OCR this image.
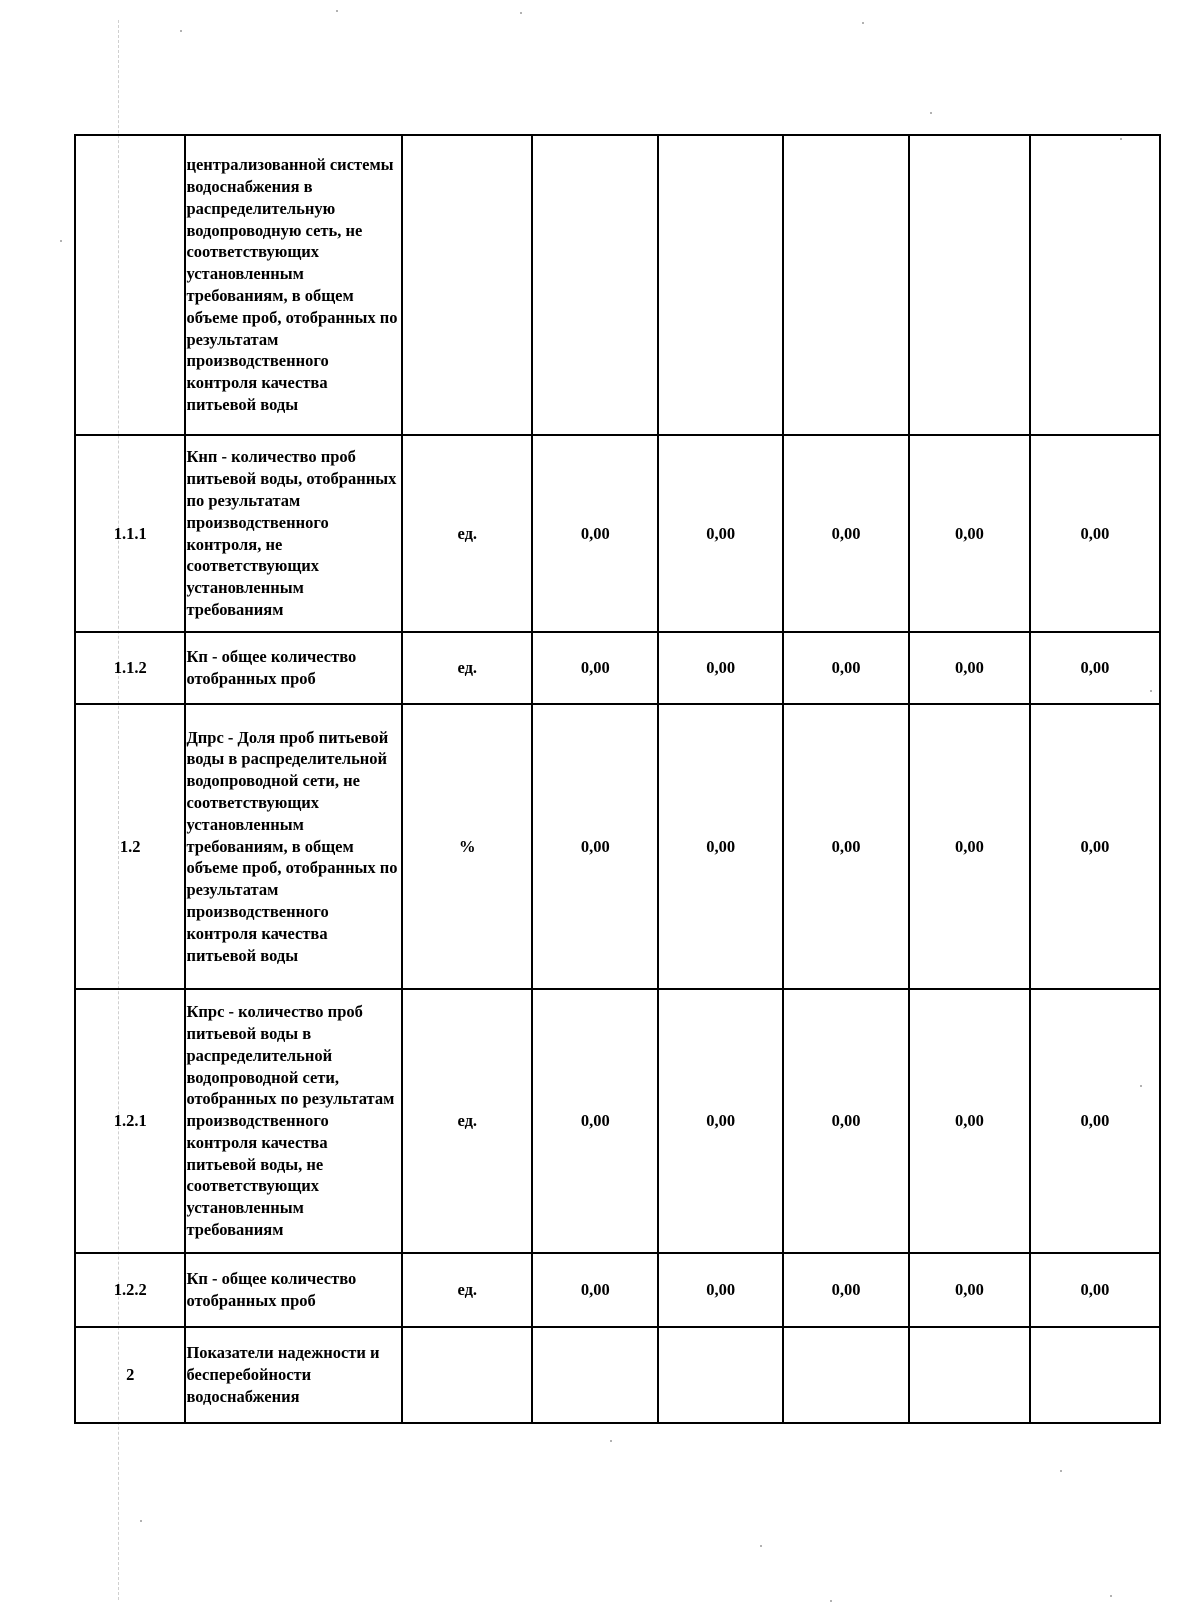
	централизованной системы водоснабжения в распределительную водопроводную сеть, не соответствующих установленным требованиям, в общем объеме проб, отобранных по результатам производственного контроля качества питьевой воды						
1.1.1	Кнп - количество проб питьевой воды, отобранных по результатам производственного контроля, не соответствующих установленным требованиям	ед.	0,00	0,00	0,00	0,00	0,00
1.1.2	Кп - общее количество отобранных проб	ед.	0,00	0,00	0,00	0,00	0,00
1.2	Дпрс - Доля проб питьевой воды в распределительной водопроводной сети, не соответствующих установленным требованиям, в общем объеме проб, отобранных по результатам производственного контроля качества питьевой воды	%	0,00	0,00	0,00	0,00	0,00
1.2.1	Кпрс - количество проб питьевой воды в распределительной водопроводной сети, отобранных по результатам производственного контроля качества питьевой воды, не соответствующих установленным требованиям	ед.	0,00	0,00	0,00	0,00	0,00
1.2.2	Кп - общее количество отобранных проб	ед.	0,00	0,00	0,00	0,00	0,00
2	Показатели надежности и бесперебойности водоснабжения						
